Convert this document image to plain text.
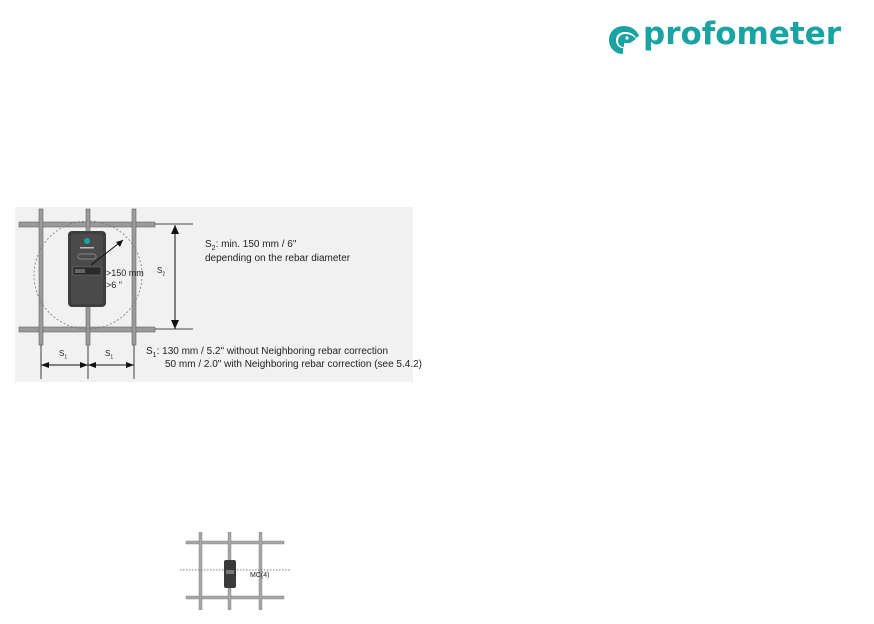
profometer
>150 mm
>6 "
$S_2$
$S_1$	$S_1$
$S_2$: min. 150 mm / 6"
depending on the rebar diameter
$S_1$: 130 mm / 5.2" without Neighboring rebar correction
50 mm / 2.0" with Neighboring rebar correction (see 5.4.2)
MC(4)
